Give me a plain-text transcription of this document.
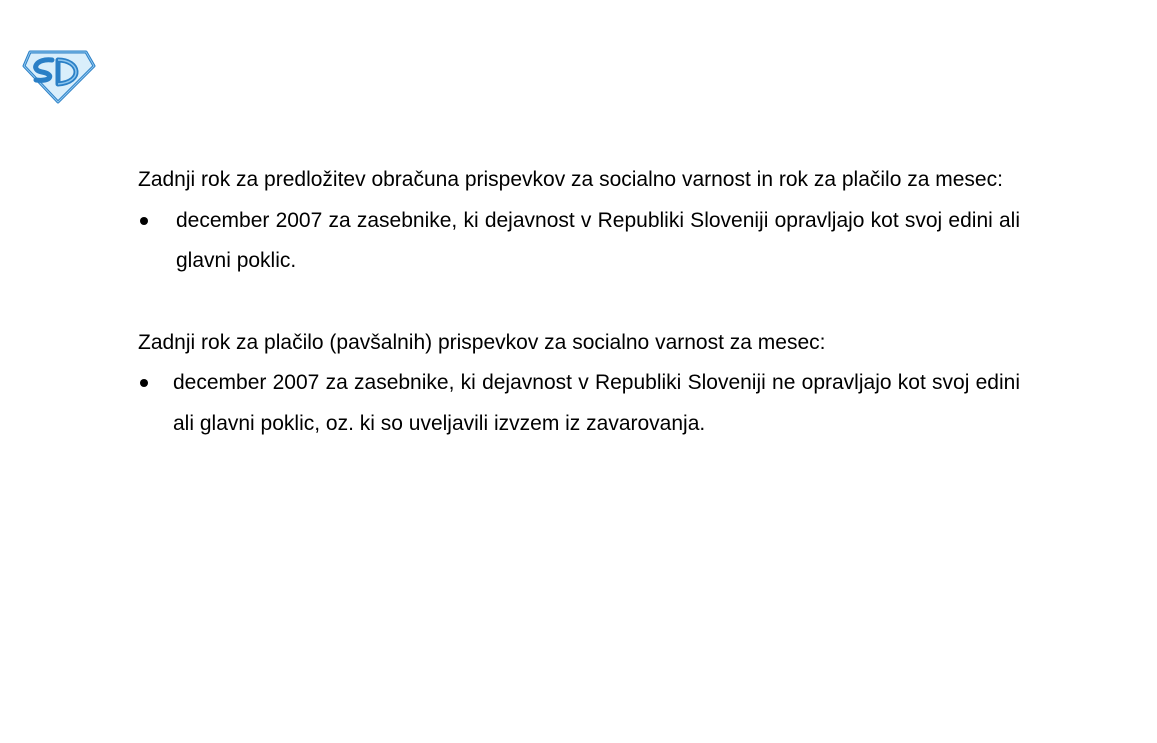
Zadnji rok za predložitev obračuna prispevkov za socialno varnost in rok za plačilo za mesec:

december 2007 za zasebnike, ki dejavnost v Republiki Sloveniji opravljajo kot svoj edini ali glavni poklic.

Zadnji rok za plačilo (pavšalnih) prispevkov za socialno varnost za mesec:

december 2007 za zasebnike, ki dejavnost v Republiki Sloveniji ne opravljajo kot svoj edini ali glavni poklic, oz. ki so uveljavili izvzem iz zavarovanja.
